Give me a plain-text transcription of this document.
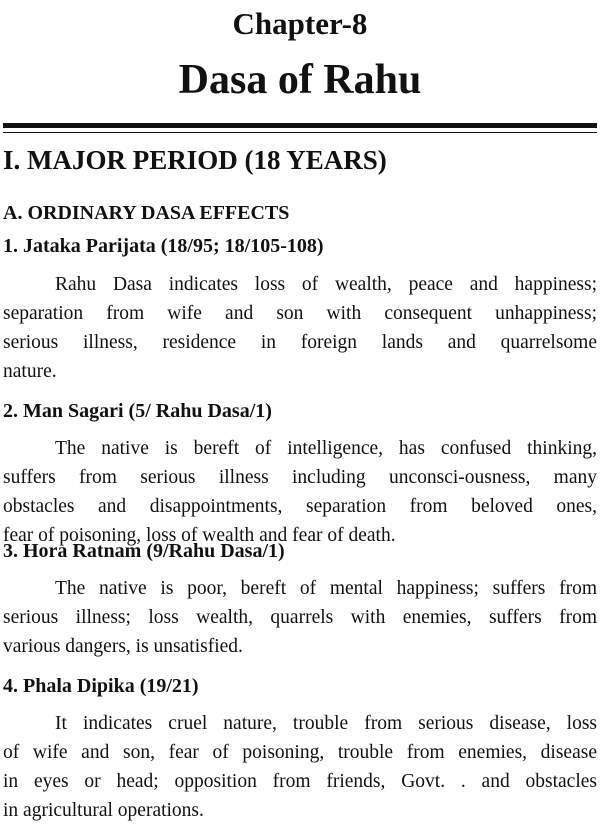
Chapter-8
Dasa of Rahu
I. MAJOR PERIOD (18 YEARS)
A. ORDINARY DASA EFFECTS
1. Jataka Parijata (18/95; 18/105-108)
Rahu Dasa indicates loss of wealth, peace and happiness;
separation from wife and son with consequent unhappiness;
serious illness, residence in foreign lands and quarrelsome
nature.
2. Man Sagari (5/ Rahu Dasa/1)
The native is bereft of intelligence, has confused thinking,
suffers from serious illness including unconsci-ousness, many
obstacles and disappointments, separation from beloved ones,
fear of poisoning, loss of wealth and fear of death.
3. Hora Ratnam (9/Rahu Dasa/1)
The native is poor, bereft of mental happiness; suffers from
serious illness; loss wealth, quarrels with enemies, suffers from
various dangers, is unsatisfied.
4. Phala Dipika (19/21)
It indicates cruel nature, trouble from serious disease, loss
of wife and son, fear of poisoning, trouble from enemies, disease
in eyes or head; opposition from friends, Govt. . and obstacles
in agricultural operations.
